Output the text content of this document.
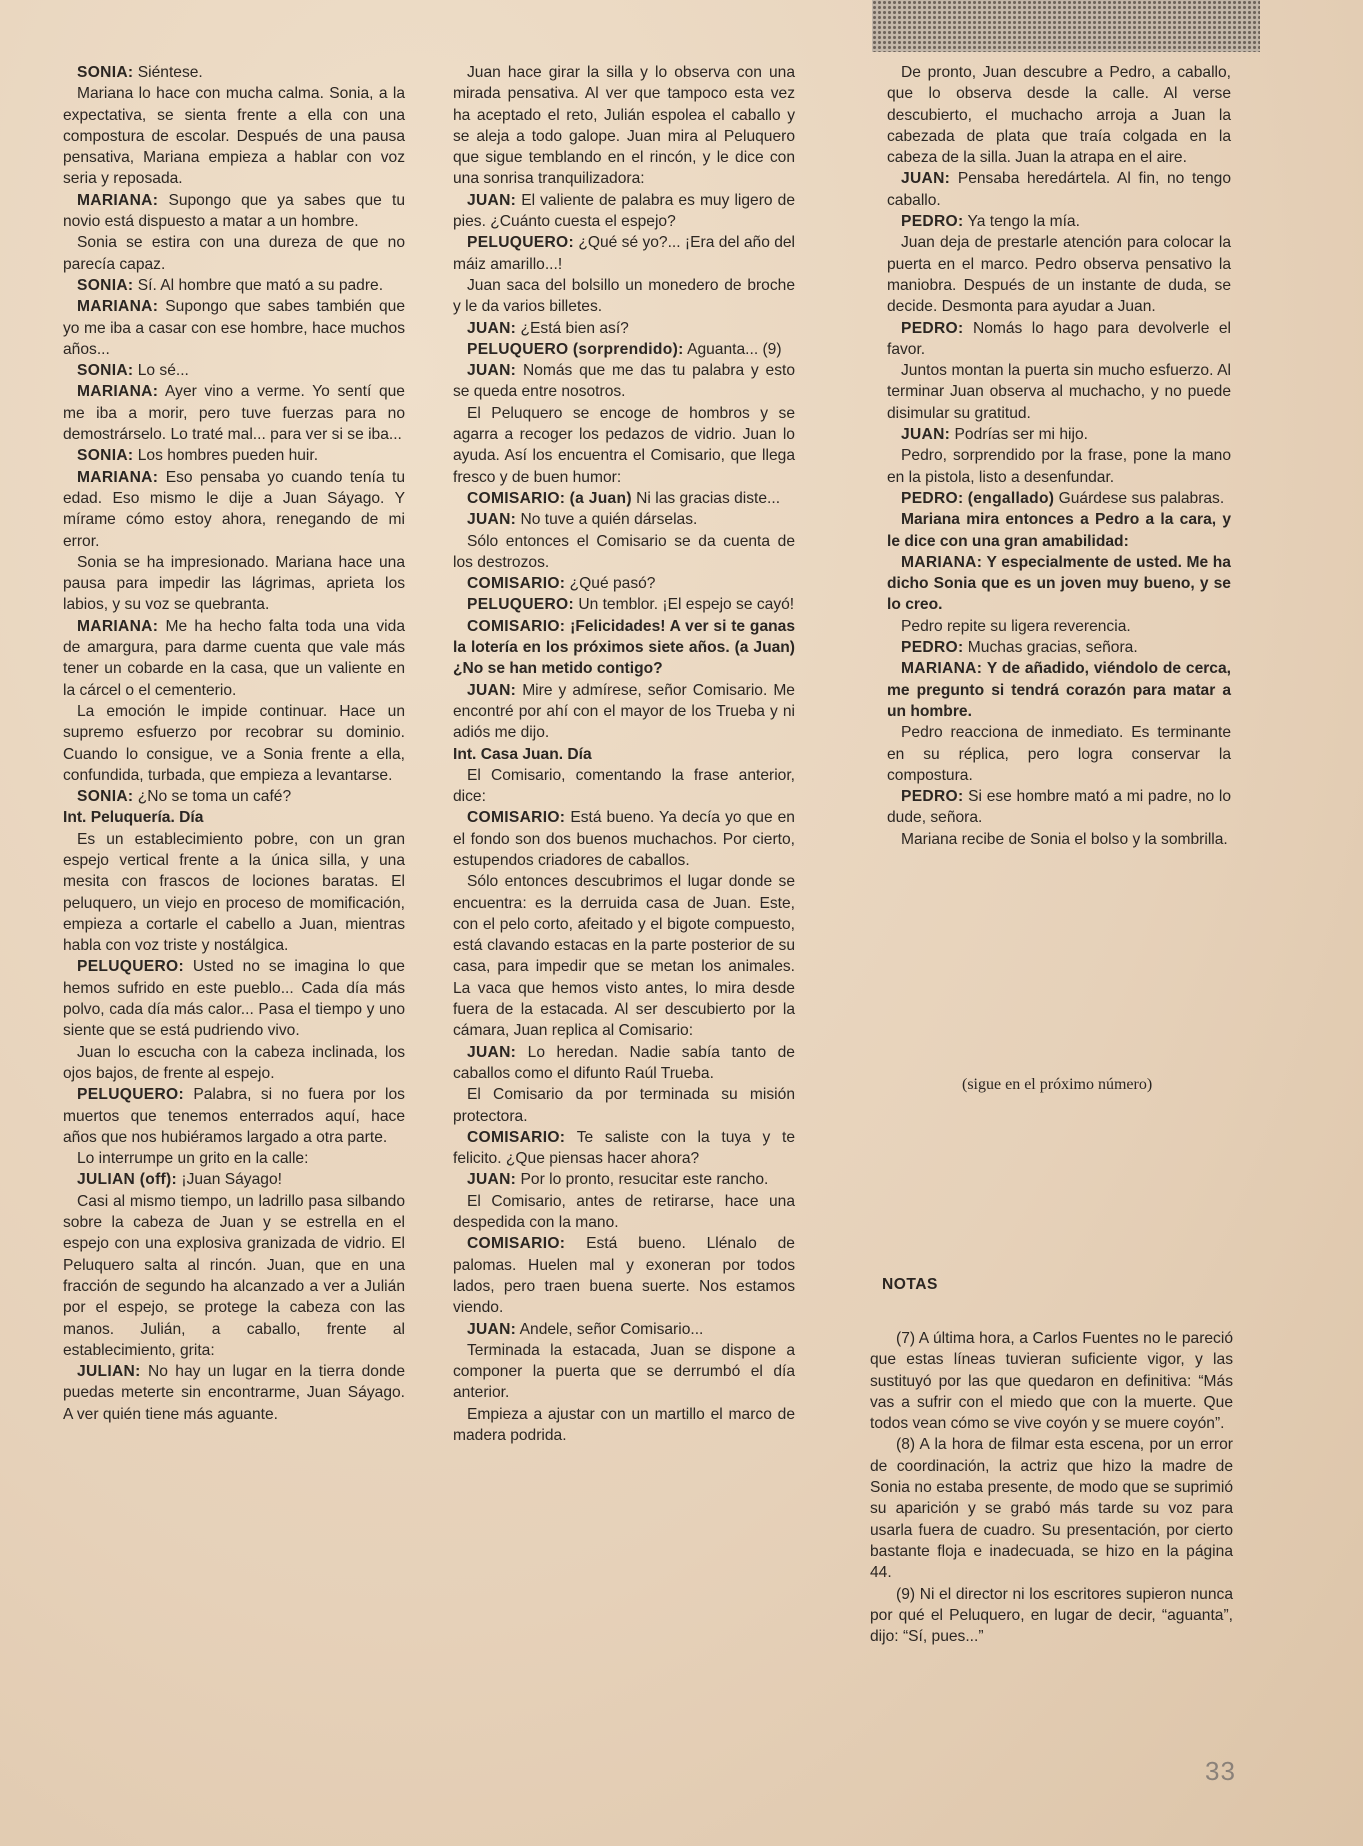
SONIA: Siéntese.

Mariana lo hace con mucha calma. Sonia, a la expectativa, se sienta frente a ella con una compostura de escolar. Después de una pausa pensativa, Mariana empieza a hablar con voz seria y reposada.

MARIANA: Supongo que ya sabes que tu novio está dispuesto a matar a un hombre.

Sonia se estira con una dureza de que no parecía capaz.

SONIA: Sí. Al hombre que mató a su padre.

MARIANA: Supongo que sabes también que yo me iba a casar con ese hombre, hace muchos años...

SONIA: Lo sé...

MARIANA: Ayer vino a verme. Yo sentí que me iba a morir, pero tuve fuerzas para no demostrárselo. Lo traté mal... para ver si se iba...

SONIA: Los hombres pueden huir.

MARIANA: Eso pensaba yo cuando tenía tu edad. Eso mismo le dije a Juan Sáyago. Y mírame cómo estoy ahora, renegando de mi error.

Sonia se ha impresionado. Mariana hace una pausa para impedir las lágrimas, aprieta los labios, y su voz se quebranta.

MARIANA: Me ha hecho falta toda una vida de amargura, para darme cuenta que vale más tener un cobarde en la casa, que un valiente en la cárcel o el cementerio.

La emoción le impide continuar. Hace un supremo esfuerzo por recobrar su dominio. Cuando lo consigue, ve a Sonia frente a ella, confundida, turbada, que empieza a levantarse.

SONIA: ¿No se toma un café?

Int. Peluquería. Día

Es un establecimiento pobre, con un gran espejo vertical frente a la única silla, y una mesita con frascos de lociones baratas. El peluquero, un viejo en proceso de momificación, empieza a cortarle el cabello a Juan, mientras habla con voz triste y nostálgica.

PELUQUERO: Usted no se imagina lo que hemos sufrido en este pueblo... Cada día más polvo, cada día más calor... Pasa el tiempo y uno siente que se está pudriendo vivo.

Juan lo escucha con la cabeza inclinada, los ojos bajos, de frente al espejo.

PELUQUERO: Palabra, si no fuera por los muertos que tenemos enterrados aquí, hace años que nos hubiéramos largado a otra parte.

Lo interrumpe un grito en la calle:

JULIAN (off): ¡Juan Sáyago!

Casi al mismo tiempo, un ladrillo pasa silbando sobre la cabeza de Juan y se estrella en el espejo con una explosiva granizada de vidrio. El Peluquero salta al rincón. Juan, que en una fracción de segundo ha alcanzado a ver a Julián por el espejo, se protege la cabeza con las manos. Julián, a caballo, frente al establecimiento, grita:

JULIAN: No hay un lugar en la tierra donde puedas meterte sin encontrarme, Juan Sáyago. A ver quién tiene más aguante.

Juan hace girar la silla y lo observa con una mirada pensativa. Al ver que tampoco esta vez ha aceptado el reto, Julián espolea el caballo y se aleja a todo galope. Juan mira al Peluquero que sigue temblando en el rincón, y le dice con una sonrisa tranquilizadora:

JUAN: El valiente de palabra es muy ligero de pies. ¿Cuánto cuesta el espejo?

PELUQUERO: ¿Qué sé yo?... ¡Era del año del máiz amarillo...!

Juan saca del bolsillo un monedero de broche y le da varios billetes.

JUAN: ¿Está bien así?

PELUQUERO (sorprendido): Aguanta... (9)

JUAN: Nomás que me das tu palabra y esto se queda entre nosotros.

El Peluquero se encoge de hombros y se agarra a recoger los pedazos de vidrio. Juan lo ayuda. Así los encuentra el Comisario, que llega fresco y de buen humor:

COMISARIO: (a Juan) Ni las gracias diste...

JUAN: No tuve a quién dárselas.

Sólo entonces el Comisario se da cuenta de los destrozos.

COMISARIO: ¿Qué pasó?

PELUQUERO: Un temblor. ¡El espejo se cayó!

COMISARIO: ¡Felicidades! A ver si te ganas la lotería en los próximos siete años. (a Juan) ¿No se han metido contigo?

JUAN: Mire y admírese, señor Comisario. Me encontré por ahí con el mayor de los Trueba y ni adiós me dijo.

Int. Casa Juan. Día

El Comisario, comentando la frase anterior, dice:

COMISARIO: Está bueno. Ya decía yo que en el fondo son dos buenos muchachos. Por cierto, estupendos criadores de caballos.

Sólo entonces descubrimos el lugar donde se encuentra: es la derruida casa de Juan. Este, con el pelo corto, afeitado y el bigote compuesto, está clavando estacas en la parte posterior de su casa, para impedir que se metan los animales. La vaca que hemos visto antes, lo mira desde fuera de la estacada. Al ser descubierto por la cámara, Juan replica al Comisario:

JUAN: Lo heredan. Nadie sabía tanto de caballos como el difunto Raúl Trueba.

El Comisario da por terminada su misión protectora.

COMISARIO: Te saliste con la tuya y te felicito. ¿Que piensas hacer ahora?

JUAN: Por lo pronto, resucitar este rancho.

El Comisario, antes de retirarse, hace una despedida con la mano.

COMISARIO: Está bueno. Llénalo de palomas. Huelen mal y exoneran por todos lados, pero traen buena suerte. Nos estamos viendo.

JUAN: Andele, señor Comisario...

Terminada la estacada, Juan se dispone a componer la puerta que se derrumbó el día anterior.

Empieza a ajustar con un martillo el marco de madera podrida.

De pronto, Juan descubre a Pedro, a caballo, que lo observa desde la calle. Al verse descubierto, el muchacho arroja a Juan la cabezada de plata que traía colgada en la cabeza de la silla. Juan la atrapa en el aire.

JUAN: Pensaba heredártela. Al fin, no tengo caballo.

PEDRO: Ya tengo la mía.

Juan deja de prestarle atención para colocar la puerta en el marco. Pedro observa pensativo la maniobra. Después de un instante de duda, se decide. Desmonta para ayudar a Juan.

PEDRO: Nomás lo hago para devolverle el favor.

Juntos montan la puerta sin mucho esfuerzo. Al terminar Juan observa al muchacho, y no puede disimular su gratitud.

JUAN: Podrías ser mi hijo.

Pedro, sorprendido por la frase, pone la mano en la pistola, listo a desenfundar.

PEDRO: (engallado) Guárdese sus palabras.

Mariana mira entonces a Pedro a la cara, y le dice con una gran amabilidad:

MARIANA: Y especialmente de usted. Me ha dicho Sonia que es un joven muy bueno, y se lo creo.

Pedro repite su ligera reverencia.

PEDRO: Muchas gracias, señora.

MARIANA: Y de añadido, viéndolo de cerca, me pregunto si tendrá corazón para matar a un hombre.

Pedro reacciona de inmediato. Es terminante en su réplica, pero logra conservar la compostura.

PEDRO: Si ese hombre mató a mi padre, no lo dude, señora.

Mariana recibe de Sonia el bolso y la sombrilla.

(sigue en el próximo número)
NOTAS

(7) A última hora, a Carlos Fuentes no le pareció que estas líneas tuvieran suficiente vigor, y las sustituyó por las que quedaron en definitiva: “Más vas a sufrir con el miedo que con la muerte. Que todos vean cómo se vive coyón y se muere coyón”.

(8) A la hora de filmar esta escena, por un error de coordinación, la actriz que hizo la madre de Sonia no estaba presente, de modo que se suprimió su aparición y se grabó más tarde su voz para usarla fuera de cuadro. Su presentación, por cierto bastante floja e inadecuada, se hizo en la página 44.

(9) Ni el director ni los escritores supieron nunca por qué el Peluquero, en lugar de decir, “aguanta”, dijo: “Sí, pues...”

33
